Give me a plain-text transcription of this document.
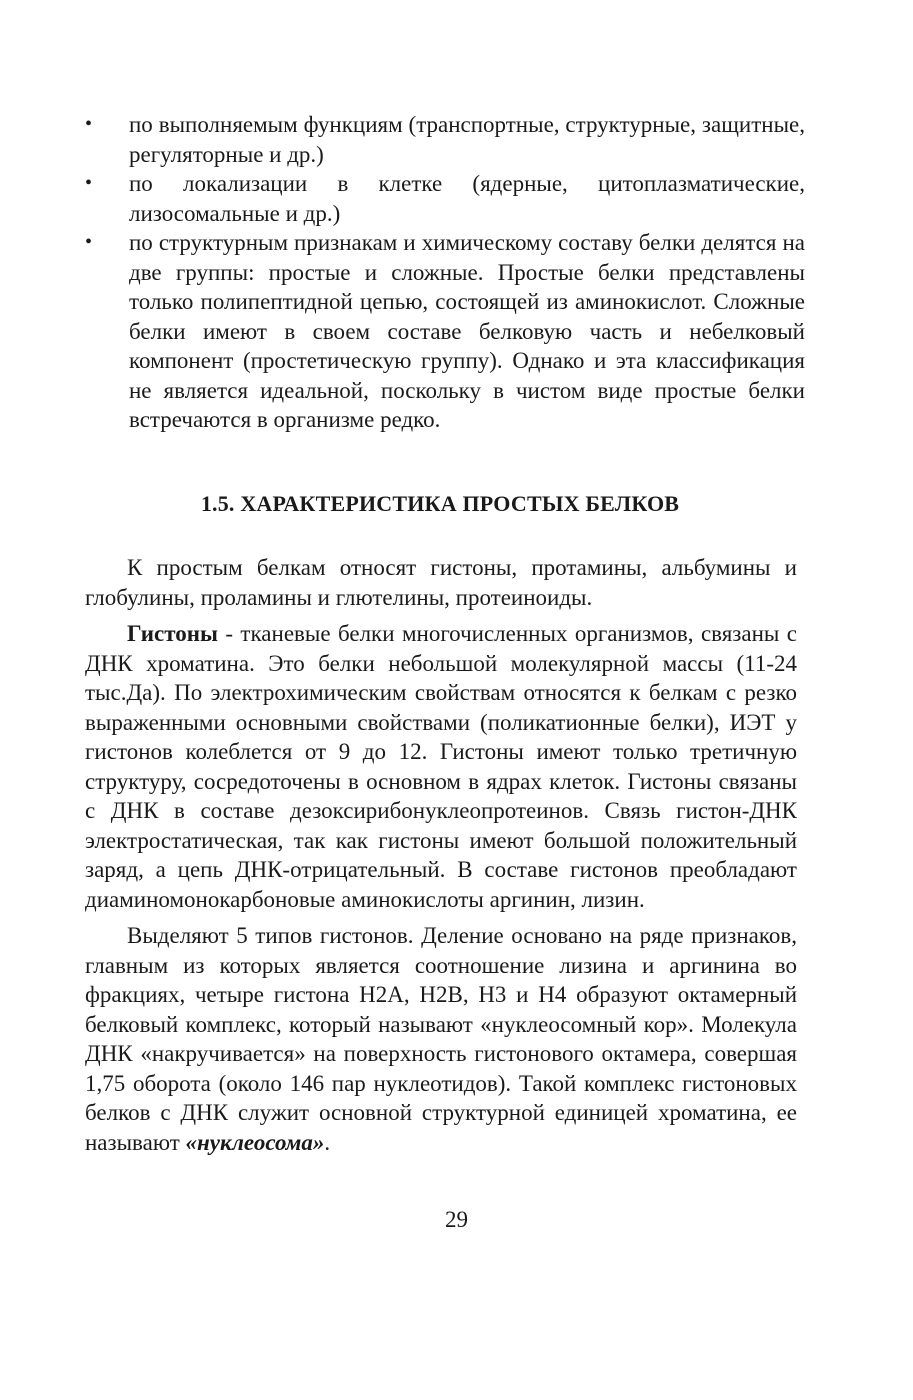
•	по выполняемым функциям (транспортные, структурные, защитные, регуляторные и др.)
•	по локализации в клетке (ядерные, цитоплазматические, лизосомальные и др.)
•	по структурным признакам и химическому составу белки делятся на две группы: простые и сложные. Простые белки представлены только полипептидной цепью, состоящей из аминокислот. Сложные белки имеют в своем составе белковую часть и небелковый компонент (простетическую группу). Однако и эта классификация не является идеальной, поскольку в чистом виде простые белки встречаются в организме редко.
1.5. ХАРАКТЕРИСТИКА ПРОСТЫХ БЕЛКОВ

К простым белкам относят гистоны, протамины, альбумины и глобулины, проламины и глютелины, протеиноиды.

Гистоны - тканевые белки многочисленных организмов, связаны с ДНК хроматина. Это белки небольшой молекулярной массы (11-24 тыс.Да). По электрохимическим свойствам относятся к белкам с резко выраженными основными свойствами (поликатионные белки), ИЭТ у гистонов колеблется от 9 до 12. Гистоны имеют только третичную структуру, сосредоточены в основном в ядрах клеток. Гистоны связаны с ДНК в составе дезоксирибонуклеопротеинов. Связь гистон-ДНК электростатическая, так как гистоны имеют большой положительный заряд, а цепь ДНК-отрицательный. В составе гистонов преобладают диаминомонокарбоновые аминокислоты аргинин, лизин.

Выделяют 5 типов гистонов. Деление основано на ряде признаков, главным из которых является соотношение лизина и аргинина во фракциях, четыре гистона Н2А, Н2В, Н3 и Н4 образуют октамерный белковый комплекс, который называют «нуклеосомный кор». Молекула ДНК «накручивается» на поверхность гистонового октамера, совершая 1,75 оборота (около 146 пар нуклеотидов). Такой комплекс гистоновых белков с ДНК служит основной структурной единицей хроматина, ее называют «нуклеосома».

29
